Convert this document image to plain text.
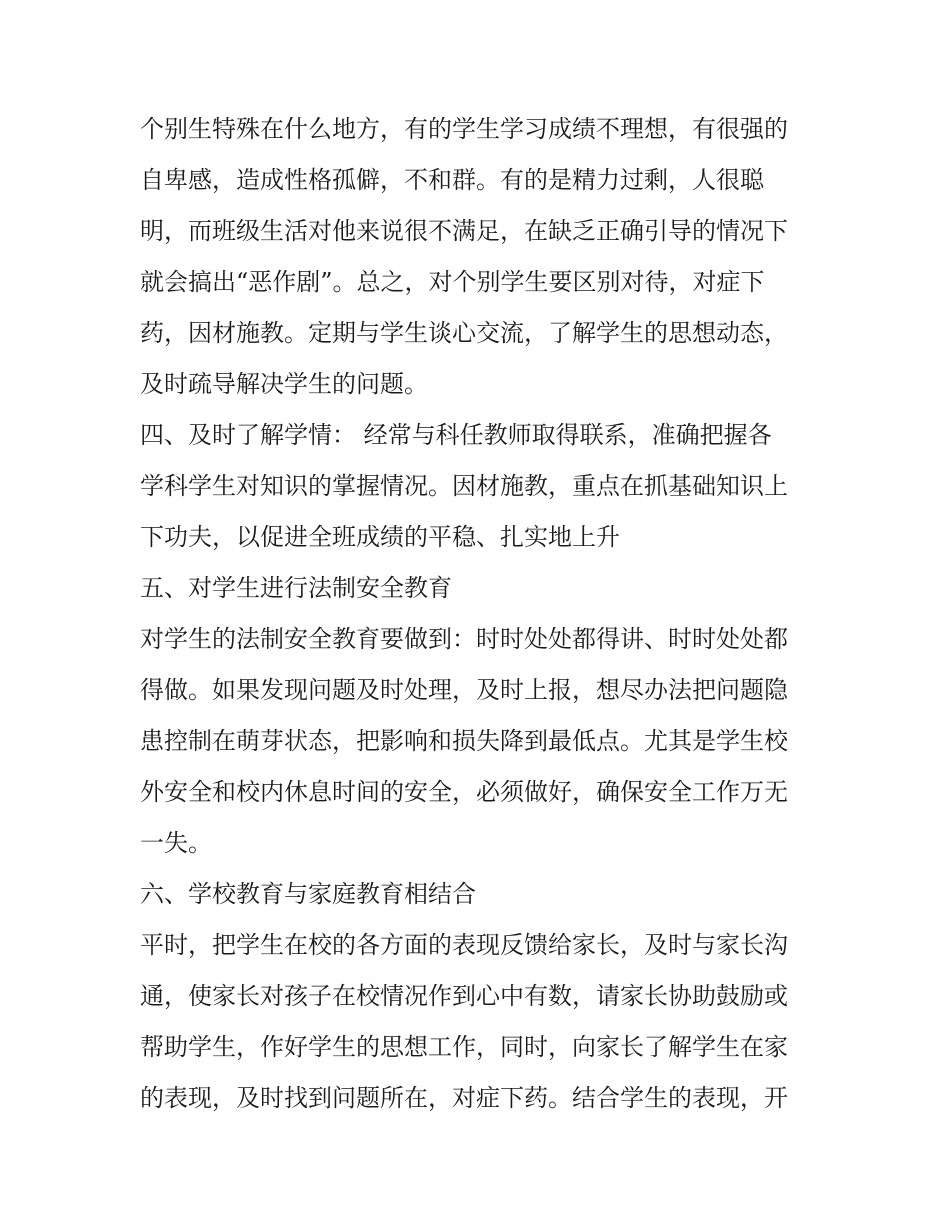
个别生特殊在什么地方，有的学生学习成绩不理想，有很强的
自卑感，造成性格孤僻，不和群。有的是精力过剩，人很聪
明，而班级生活对他来说很不满足，在缺乏正确引导的情况下
就会搞出“恶作剧”。总之，对个别学生要区别对待，对症下
药，因材施教。定期与学生谈心交流，了解学生的思想动态，
及时疏导解决学生的问题。
四、及时了解学情： 经常与科任教师取得联系，准确把握各
学科学生对知识的掌握情况。因材施教，重点在抓基础知识上
下功夫，以促进全班成绩的平稳、扎实地上升
五、对学生进行法制安全教育
对学生的法制安全教育要做到：时时处处都得讲、时时处处都
得做。如果发现问题及时处理，及时上报，想尽办法把问题隐
患控制在萌芽状态，把影响和损失降到最低点。尤其是学生校
外安全和校内休息时间的安全，必须做好，确保安全工作万无
一失。
六、学校教育与家庭教育相结合
平时，把学生在校的各方面的表现反馈给家长，及时与家长沟
通，使家长对孩子在校情况作到心中有数，请家长协助鼓励或
帮助学生，作好学生的思想工作，同时，向家长了解学生在家
的表现，及时找到问题所在，对症下药。结合学生的表现，开
